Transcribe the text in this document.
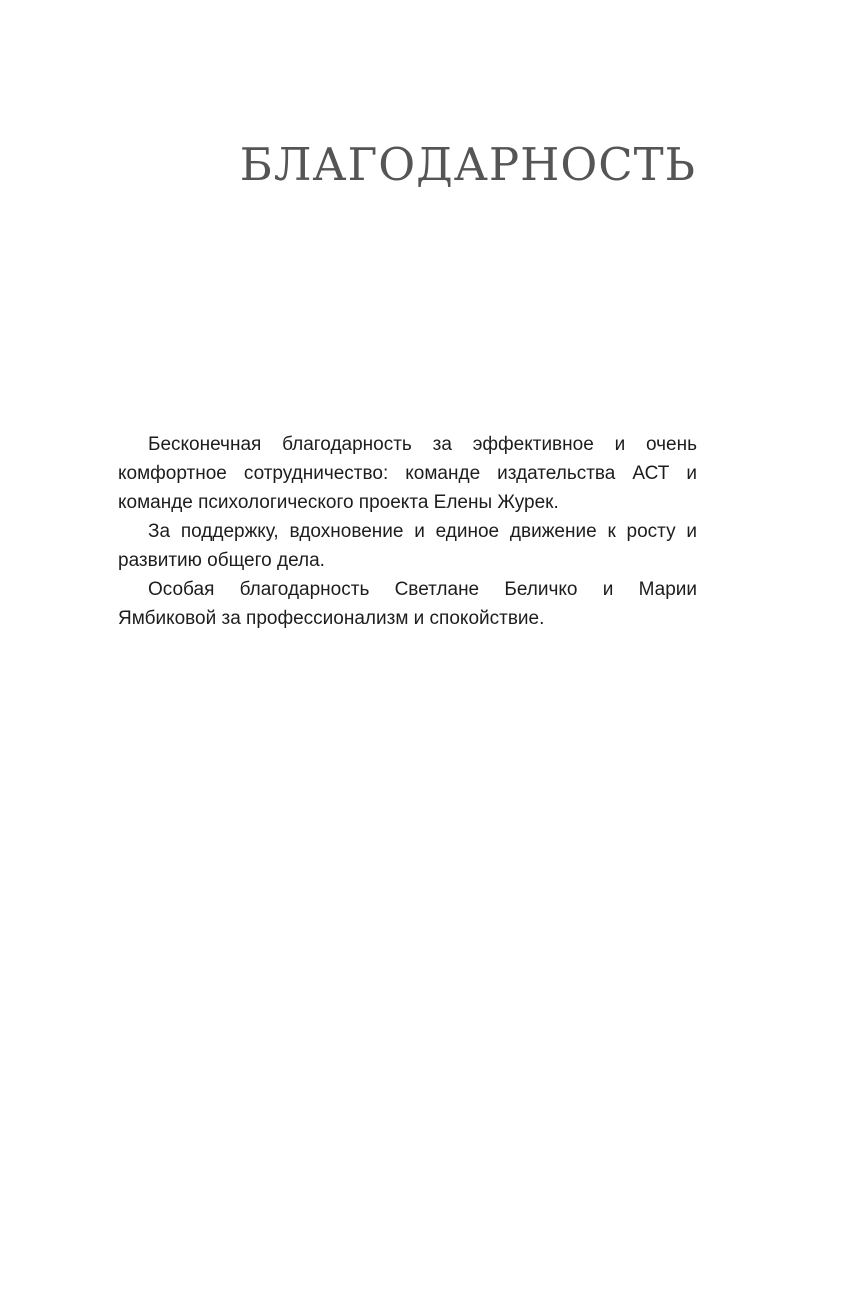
БЛАГОДАРНОСТЬ

Бесконечная благодарность за эффективное и очень комфортное сотрудничество: команде издательства АСТ и команде психологического проекта Елены Журек.

За поддержку, вдохновение и единое движение к росту и развитию общего дела.

Особая благодарность Светлане Беличко и Марии Ямбиковой за профессионализм и спокойствие.
